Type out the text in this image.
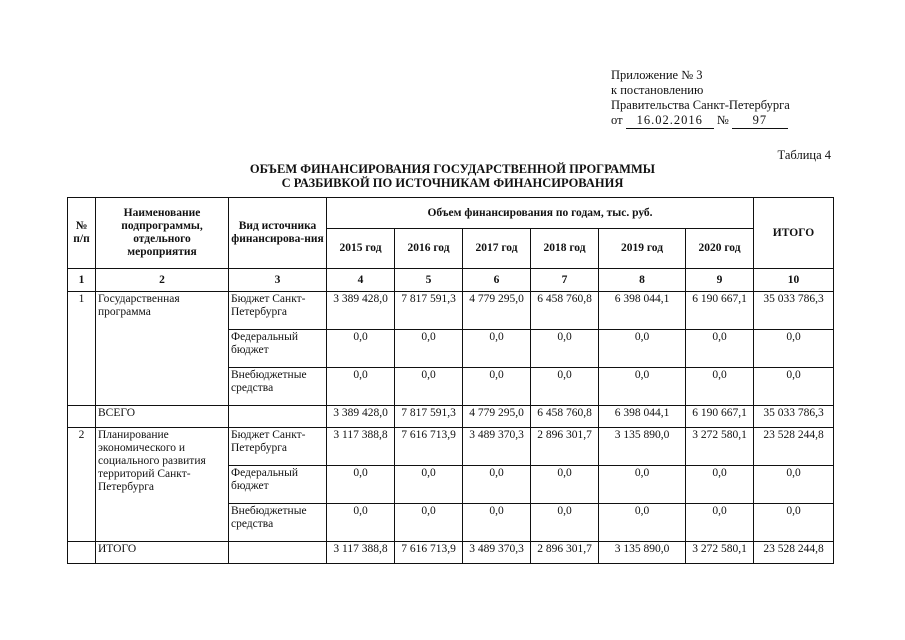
Приложение № 3
к постановлению
Правительства Санкт-Петербурга
от 16.02.2016 № 97
Таблица 4
ОБЪЕМ ФИНАНСИРОВАНИЯ ГОСУДАРСТВЕННОЙ ПРОГРАММЫ
С РАЗБИВКОЙ ПО ИСТОЧНИКАМ ФИНАНСИРОВАНИЯ
№ п/п	Наименование подпрограммы, отдельного мероприятия	Вид источника финансирова-ния	Объем финансирования по годам, тыс. руб.						ИТОГО
			2015 год	2016 год	2017 год	2018 год	2019 год	2020 год	
1	2	3	4	5	6	7	8	9	10
1	Государственная программа	Бюджет Санкт-Петербурга	3 389 428,0	7 817 591,3	4 779 295,0	6 458 760,8	6 398 044,1	6 190 667,1	35 033 786,3
		Федеральный бюджет	0,0	0,0	0,0	0,0	0,0	0,0	0,0
		Внебюджетные средства	0,0	0,0	0,0	0,0	0,0	0,0	0,0
	ВСЕГО		3 389 428,0	7 817 591,3	4 779 295,0	6 458 760,8	6 398 044,1	6 190 667,1	35 033 786,3
2	Планирование экономического и социального развития территорий Санкт-Петербурга	Бюджет Санкт-Петербурга	3 117 388,8	7 616 713,9	3 489 370,3	2 896 301,7	3 135 890,0	3 272 580,1	23 528 244,8
		Федеральный бюджет	0,0	0,0	0,0	0,0	0,0	0,0	0,0
		Внебюджетные средства	0,0	0,0	0,0	0,0	0,0	0,0	0,0
	ИТОГО		3 117 388,8	7 616 713,9	3 489 370,3	2 896 301,7	3 135 890,0	3 272 580,1	23 528 244,8
